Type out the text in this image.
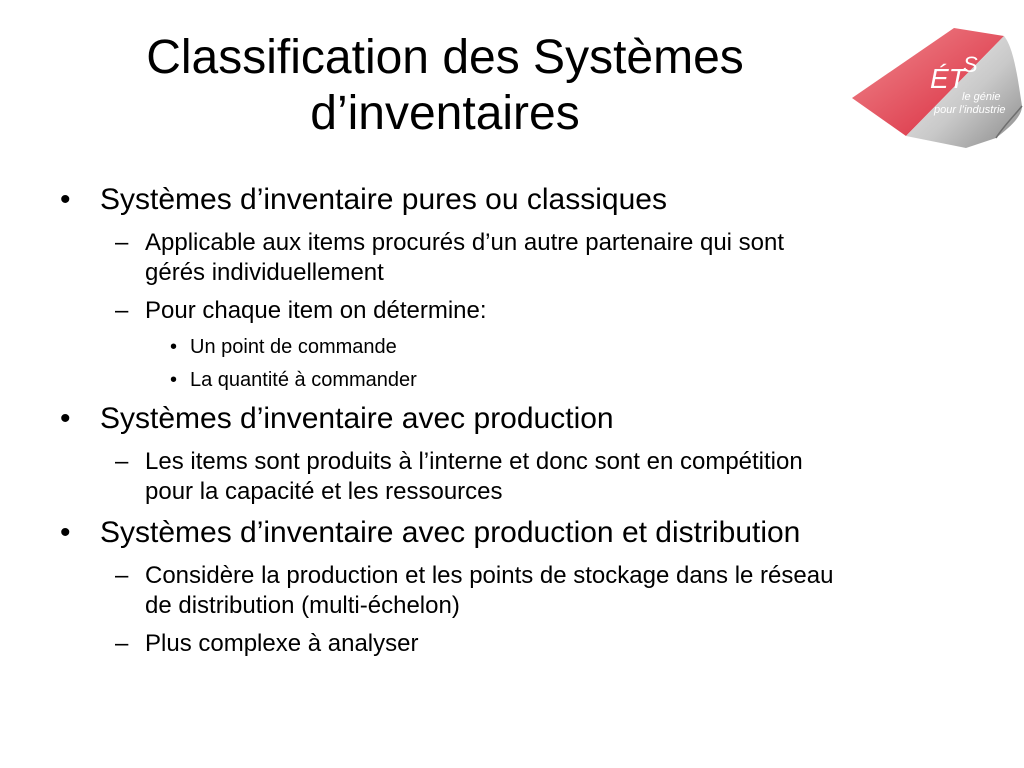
Classification des Systèmes
d’inventaires
ÉT
S
le génie
pour l’industrie
• Systèmes d’inventaire pures ou classiques
– Applicable aux items procurés d’un autre partenaire qui sont
gérés individuellement
– Pour chaque item on détermine:
• Un point de commande
• La quantité à commander
• Systèmes d’inventaire avec production
– Les items sont produits à l’interne et donc sont en compétition
pour la capacité et les ressources
• Systèmes d’inventaire avec production et distribution
– Considère la production et les points de stockage dans le réseau
de distribution (multi-échelon)
– Plus complexe à analyser
